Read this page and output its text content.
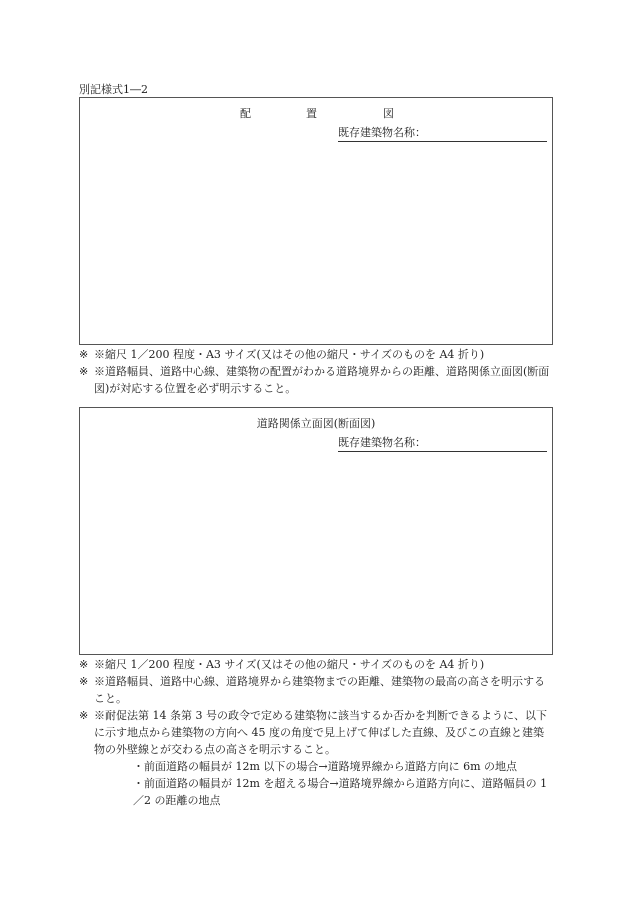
別記様式1―2
配　　　　　置　　　　　　図
既存建築物名称：
※ ※縮尺 1／200 程度・A3 サイズ(又はその他の縮尺・サイズのものを A4 折り)
※ ※道路幅員、道路中心線、建築物の配置がわかる道路境界からの距離、道路関係立面図(断面図)が対応する位置を必ず明示すること。
道路関係立面図(断面図)
既存建築物名称：
※ ※縮尺 1／200 程度・A3 サイズ(又はその他の縮尺・サイズのものを A4 折り)
※ ※道路幅員、道路中心線、道路境界から建築物までの距離、建築物の最高の高さを明示すること。
※ ※耐促法第 14 条第 3 号の政令で定める建築物に該当するか否かを判断できるように、以下に示す地点から建築物の方向へ 45 度の角度で見上げて伸ばした直線、及びこの直線と建築物の外壁線とが交わる点の高さを明示すること。
・前面道路の幅員が 12m 以下の場合→道路境界線から道路方向に 6m の地点
・前面道路の幅員が 12m を超える場合→道路境界線から道路方向に、道路幅員の 1／2 の距離の地点
